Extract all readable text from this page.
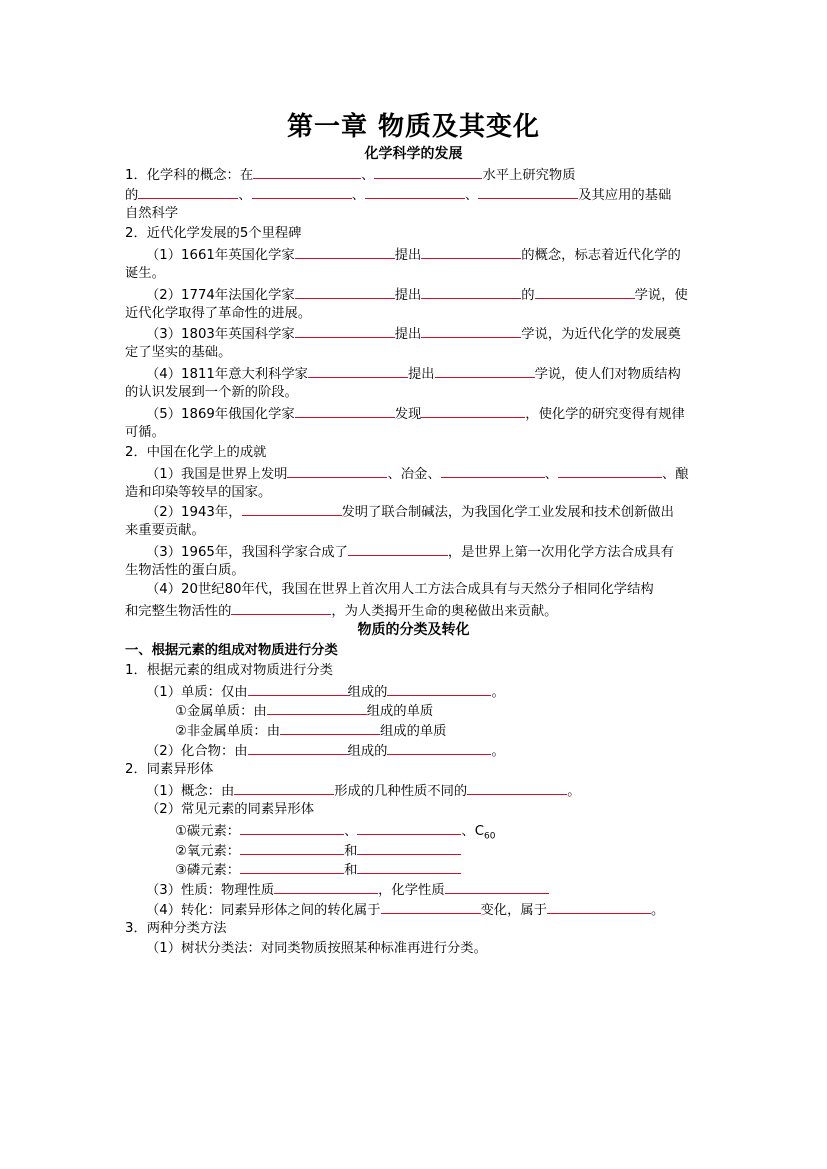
第一章 物质及其变化
化学科学的发展
1．化学科的概念：在	、	水平上研究物质
的	、	、	、	及其应用的基础
自然科学
2．近代化学发展的5个里程碑
（1）1661年英国化学家	提出	的概念，标志着近代化学的
诞生。
（2）1774年法国化学家	提出	的	学说，使
近代化学取得了革命性的进展。
（3）1803年英国科学家	提出	学说，为近代化学的发展奠
定了坚实的基础。
（4）1811年意大利科学家	提出	学说，使人们对物质结构
的认识发展到一个新的阶段。
（5）1869年俄国化学家	发现	，使化学的研究变得有规律
可循。
2．中国在化学上的成就
（1）我国是世界上发明	、冶金、	、	、酿
造和印染等较早的国家。
（2）1943年，	发明了联合制碱法，为我国化学工业发展和技术创新做出
来重要贡献。
（3）1965年，我国科学家合成了	，是世界上第一次用化学方法合成具有
生物活性的蛋白质。
（4）20世纪80年代，我国在世界上首次用人工方法合成具有与天然分子相同化学结构
和完整生物活性的	，为人类揭开生命的奥秘做出来贡献。
物质的分类及转化
一、根据元素的组成对物质进行分类
1．根据元素的组成对物质进行分类
（1）单质：仅由	组成的	。
①金属单质：由	组成的单质
②非金属单质：由	组成的单质
（2）化合物：由	组成的	。
2．同素异形体
（1）概念：由	形成的几种性质不同的	。
（2）常见元素的同素异形体
①碳元素：	、	、$C_{60}$
②氧元素：	和
③磷元素：	和
（3）性质：物理性质	，化学性质
（4）转化：同素异形体之间的转化属于	变化，属于	。
3．两种分类方法
（1）树状分类法：对同类物质按照某种标准再进行分类。
